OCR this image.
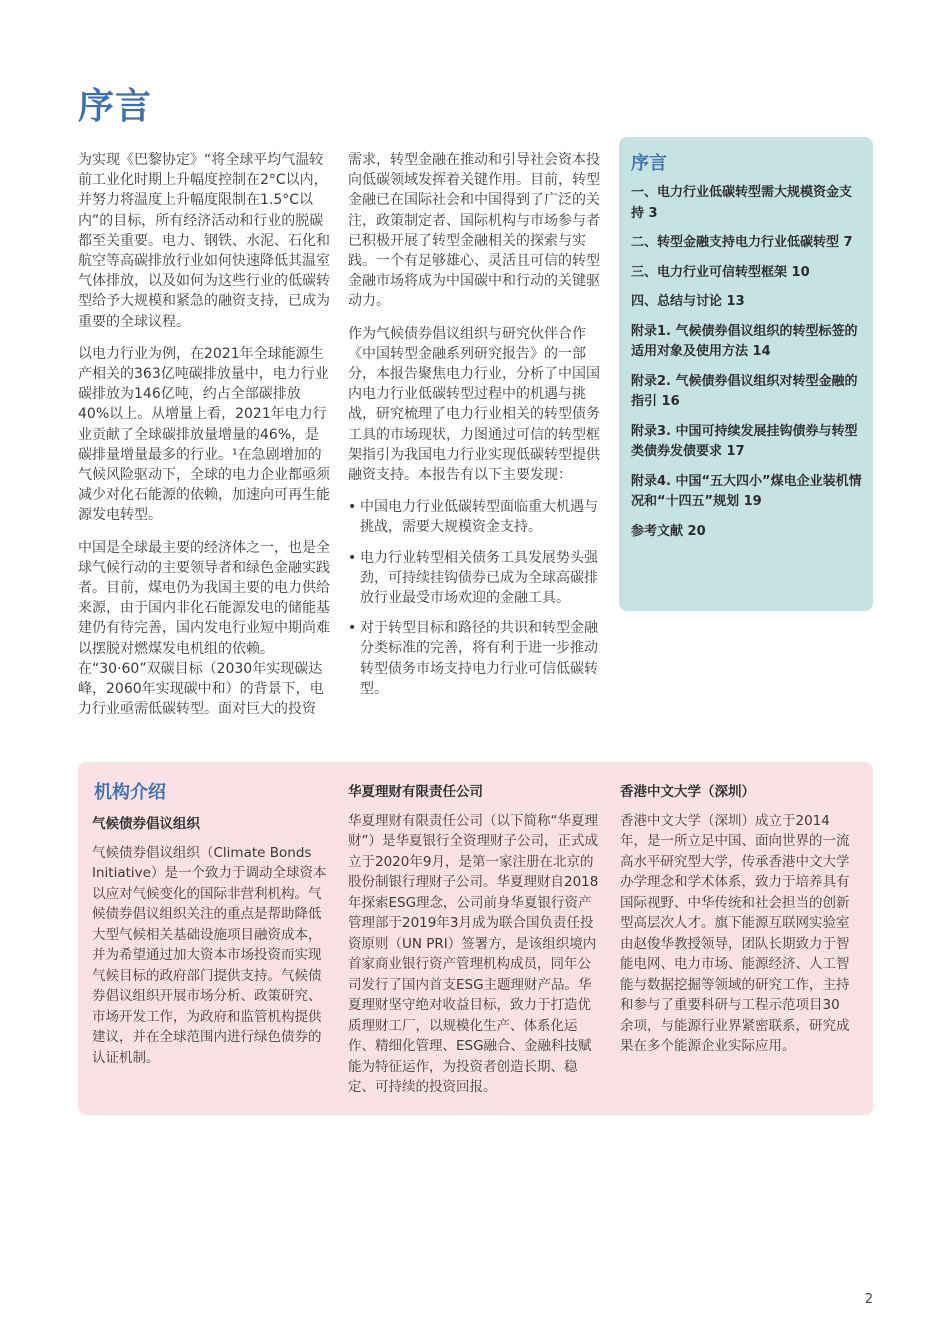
序言

为实现《巴黎协定》“将全球平均气温较前工业化时期上升幅度控制在2°C以内，并努力将温度上升幅度限制在1.5°C以内”的目标，所有经济活动和行业的脱碳都至关重要。电力、钢铁、水泥、石化和航空等高碳排放行业如何快速降低其温室气体排放，以及如何为这些行业的低碳转型给予大规模和紧急的融资支持，已成为重要的全球议程。

以电力行业为例，在2021年全球能源生产相关的363亿吨碳排放量中，电力行业碳排放为146亿吨，约占全部碳排放40%以上。从增量上看，2021年电力行业贡献了全球碳排放量增量的46%，是碳排量增量最多的行业。¹在急剧增加的气候风险驱动下，全球的电力企业都亟须减少对化石能源的依赖，加速向可再生能源发电转型。

中国是全球最主要的经济体之一，也是全球气候行动的主要领导者和绿色金融实践者。目前，煤电仍为我国主要的电力供给来源，由于国内非化石能源发电的储能基建仍有待完善，国内发电行业短中期尚难以摆脱对燃煤发电机组的依赖。在“30·60”双碳目标（2030年实现碳达峰，2060年实现碳中和）的背景下，电力行业亟需低碳转型。面对巨大的投资

需求，转型金融在推动和引导社会资本投向低碳领域发挥着关键作用。目前，转型金融已在国际社会和中国得到了广泛的关注，政策制定者、国际机构与市场参与者已积极开展了转型金融相关的探索与实践。一个有足够雄心、灵活且可信的转型金融市场将成为中国碳中和行动的关键驱动力。

作为气候债券倡议组织与研究伙伴合作《中国转型金融系列研究报告》的一部分，本报告聚焦电力行业，分析了中国国内电力行业低碳转型过程中的机遇与挑战，研究梳理了电力行业相关的转型债务工具的市场现状，力图通过可信的转型框架指引为我国电力行业实现低碳转型提供融资支持。本报告有以下主要发现：

• 中国电力行业低碳转型面临重大机遇与挑战，需要大规模资金支持。
• 电力行业转型相关债务工具发展势头强劲，可持续挂钩债券已成为全球高碳排放行业最受市场欢迎的金融工具。
• 对于转型目标和路径的共识和转型金融分类标准的完善，将有利于进一步推动转型债务市场支持电力行业可信低碳转型。
序言
一、电力行业低碳转型需大规模资金支持 3
二、转型金融支持电力行业低碳转型 7
三、电力行业可信转型框架 10
四、总结与讨论 13
附录1. 气候债券倡议组织的转型标签的适用对象及使用方法 14
附录2. 气候债券倡议组织对转型金融的指引 16
附录3. 中国可持续发展挂钩债券与转型类债券发债要求 17
附录4. 中国“五大四小”煤电企业装机情况和“十四五”规划 19
参考文献 20
机构介绍
气候债券倡议组织
气候债券倡议组织（Climate Bonds Initiative）是一个致力于调动全球资本以应对气候变化的国际非营利机构。气候债券倡议组织关注的重点是帮助降低大型气候相关基础设施项目融资成本，并为希望通过加大资本市场投资而实现气候目标的政府部门提供支持。气候债券倡议组织开展市场分析、政策研究、市场开发工作，为政府和监管机构提供建议，并在全球范围内进行绿色债券的认证机制。
华夏理财有限责任公司
华夏理财有限责任公司（以下简称“华夏理财”）是华夏银行全资理财子公司，正式成立于2020年9月，是第一家注册在北京的股份制银行理财子公司。华夏理财自2018年探索ESG理念，公司前身华夏银行资产管理部于2019年3月成为联合国负责任投资原则（UN PRI）签署方，是该组织境内首家商业银行资产管理机构成员，同年公司发行了国内首支ESG主题理财产品。华夏理财坚守绝对收益目标，致力于打造优质理财工厂，以规模化生产、体系化运作、精细化管理、ESG融合、金融科技赋能为特征运作，为投资者创造长期、稳定、可持续的投资回报。
香港中文大学（深圳）
香港中文大学（深圳）成立于2014年，是一所立足中国、面向世界的一流高水平研究型大学，传承香港中文大学办学理念和学术体系，致力于培养具有国际视野、中华传统和社会担当的创新型高层次人才。旗下能源互联网实验室由赵俊华教授领导，团队长期致力于智能电网、电力市场、能源经济、人工智能与数据挖掘等领域的研究工作，主持和参与了重要科研与工程示范项目30余项，与能源行业界紧密联系，研究成果在多个能源企业实际应用。
2
